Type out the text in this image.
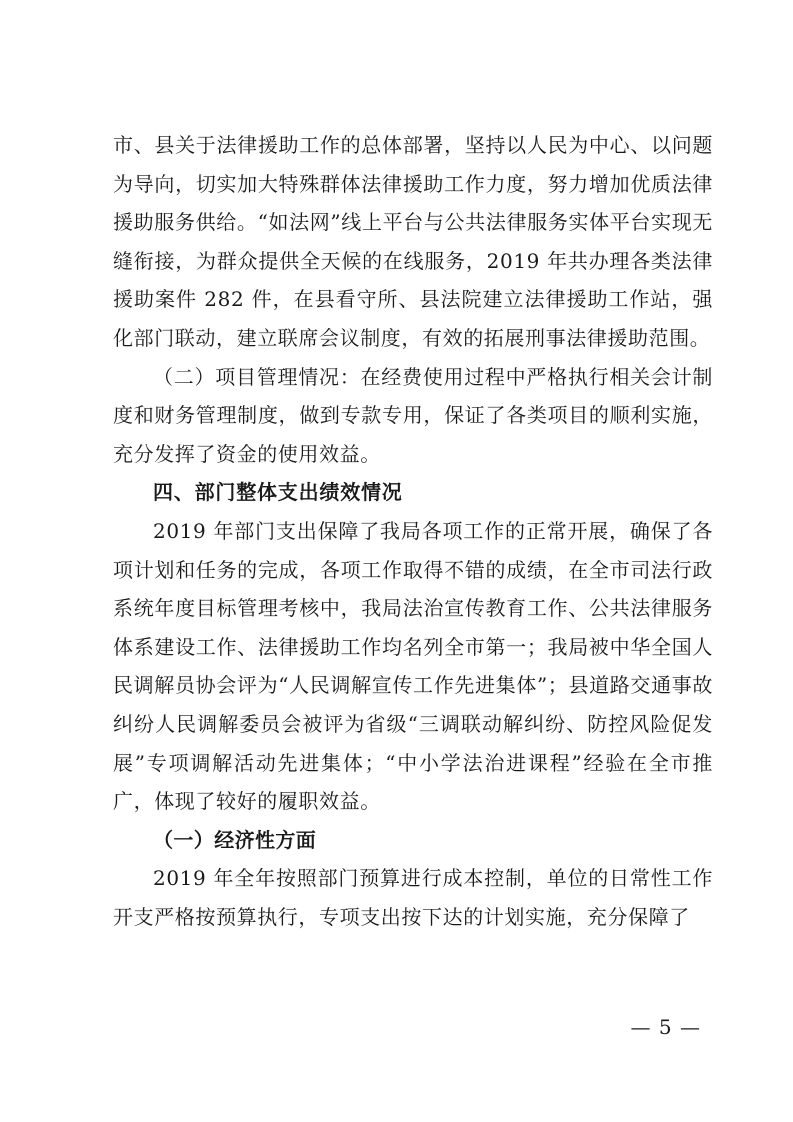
市、县关于法律援助工作的总体部署，坚持以人民为中心、以问题为导向，切实加大特殊群体法律援助工作力度，努力增加优质法律援助服务供给。“如法网”线上平台与公共法律服务实体平台实现无缝衔接，为群众提供全天候的在线服务，2019 年共办理各类法律援助案件 282 件，在县看守所、县法院建立法律援助工作站，强化部门联动，建立联席会议制度，有效的拓展刑事法律援助范围。

（二）项目管理情况：在经费使用过程中严格执行相关会计制度和财务管理制度，做到专款专用，保证了各类项目的顺利实施，充分发挥了资金的使用效益。

四、部门整体支出绩效情况

2019 年部门支出保障了我局各项工作的正常开展，确保了各项计划和任务的完成，各项工作取得不错的成绩，在全市司法行政系统年度目标管理考核中，我局法治宣传教育工作、公共法律服务体系建设工作、法律援助工作均名列全市第一；我局被中华全国人民调解员协会评为“人民调解宣传工作先进集体”；县道路交通事故纠纷人民调解委员会被评为省级“三调联动解纠纷、防控风险促发展”专项调解活动先进集体；“中小学法治进课程”经验在全市推广，体现了较好的履职效益。

（一）经济性方面

2019 年全年按照部门预算进行成本控制，单位的日常性工作开支严格按预算执行，专项支出按下达的计划实施，充分保障了

— 5 —
